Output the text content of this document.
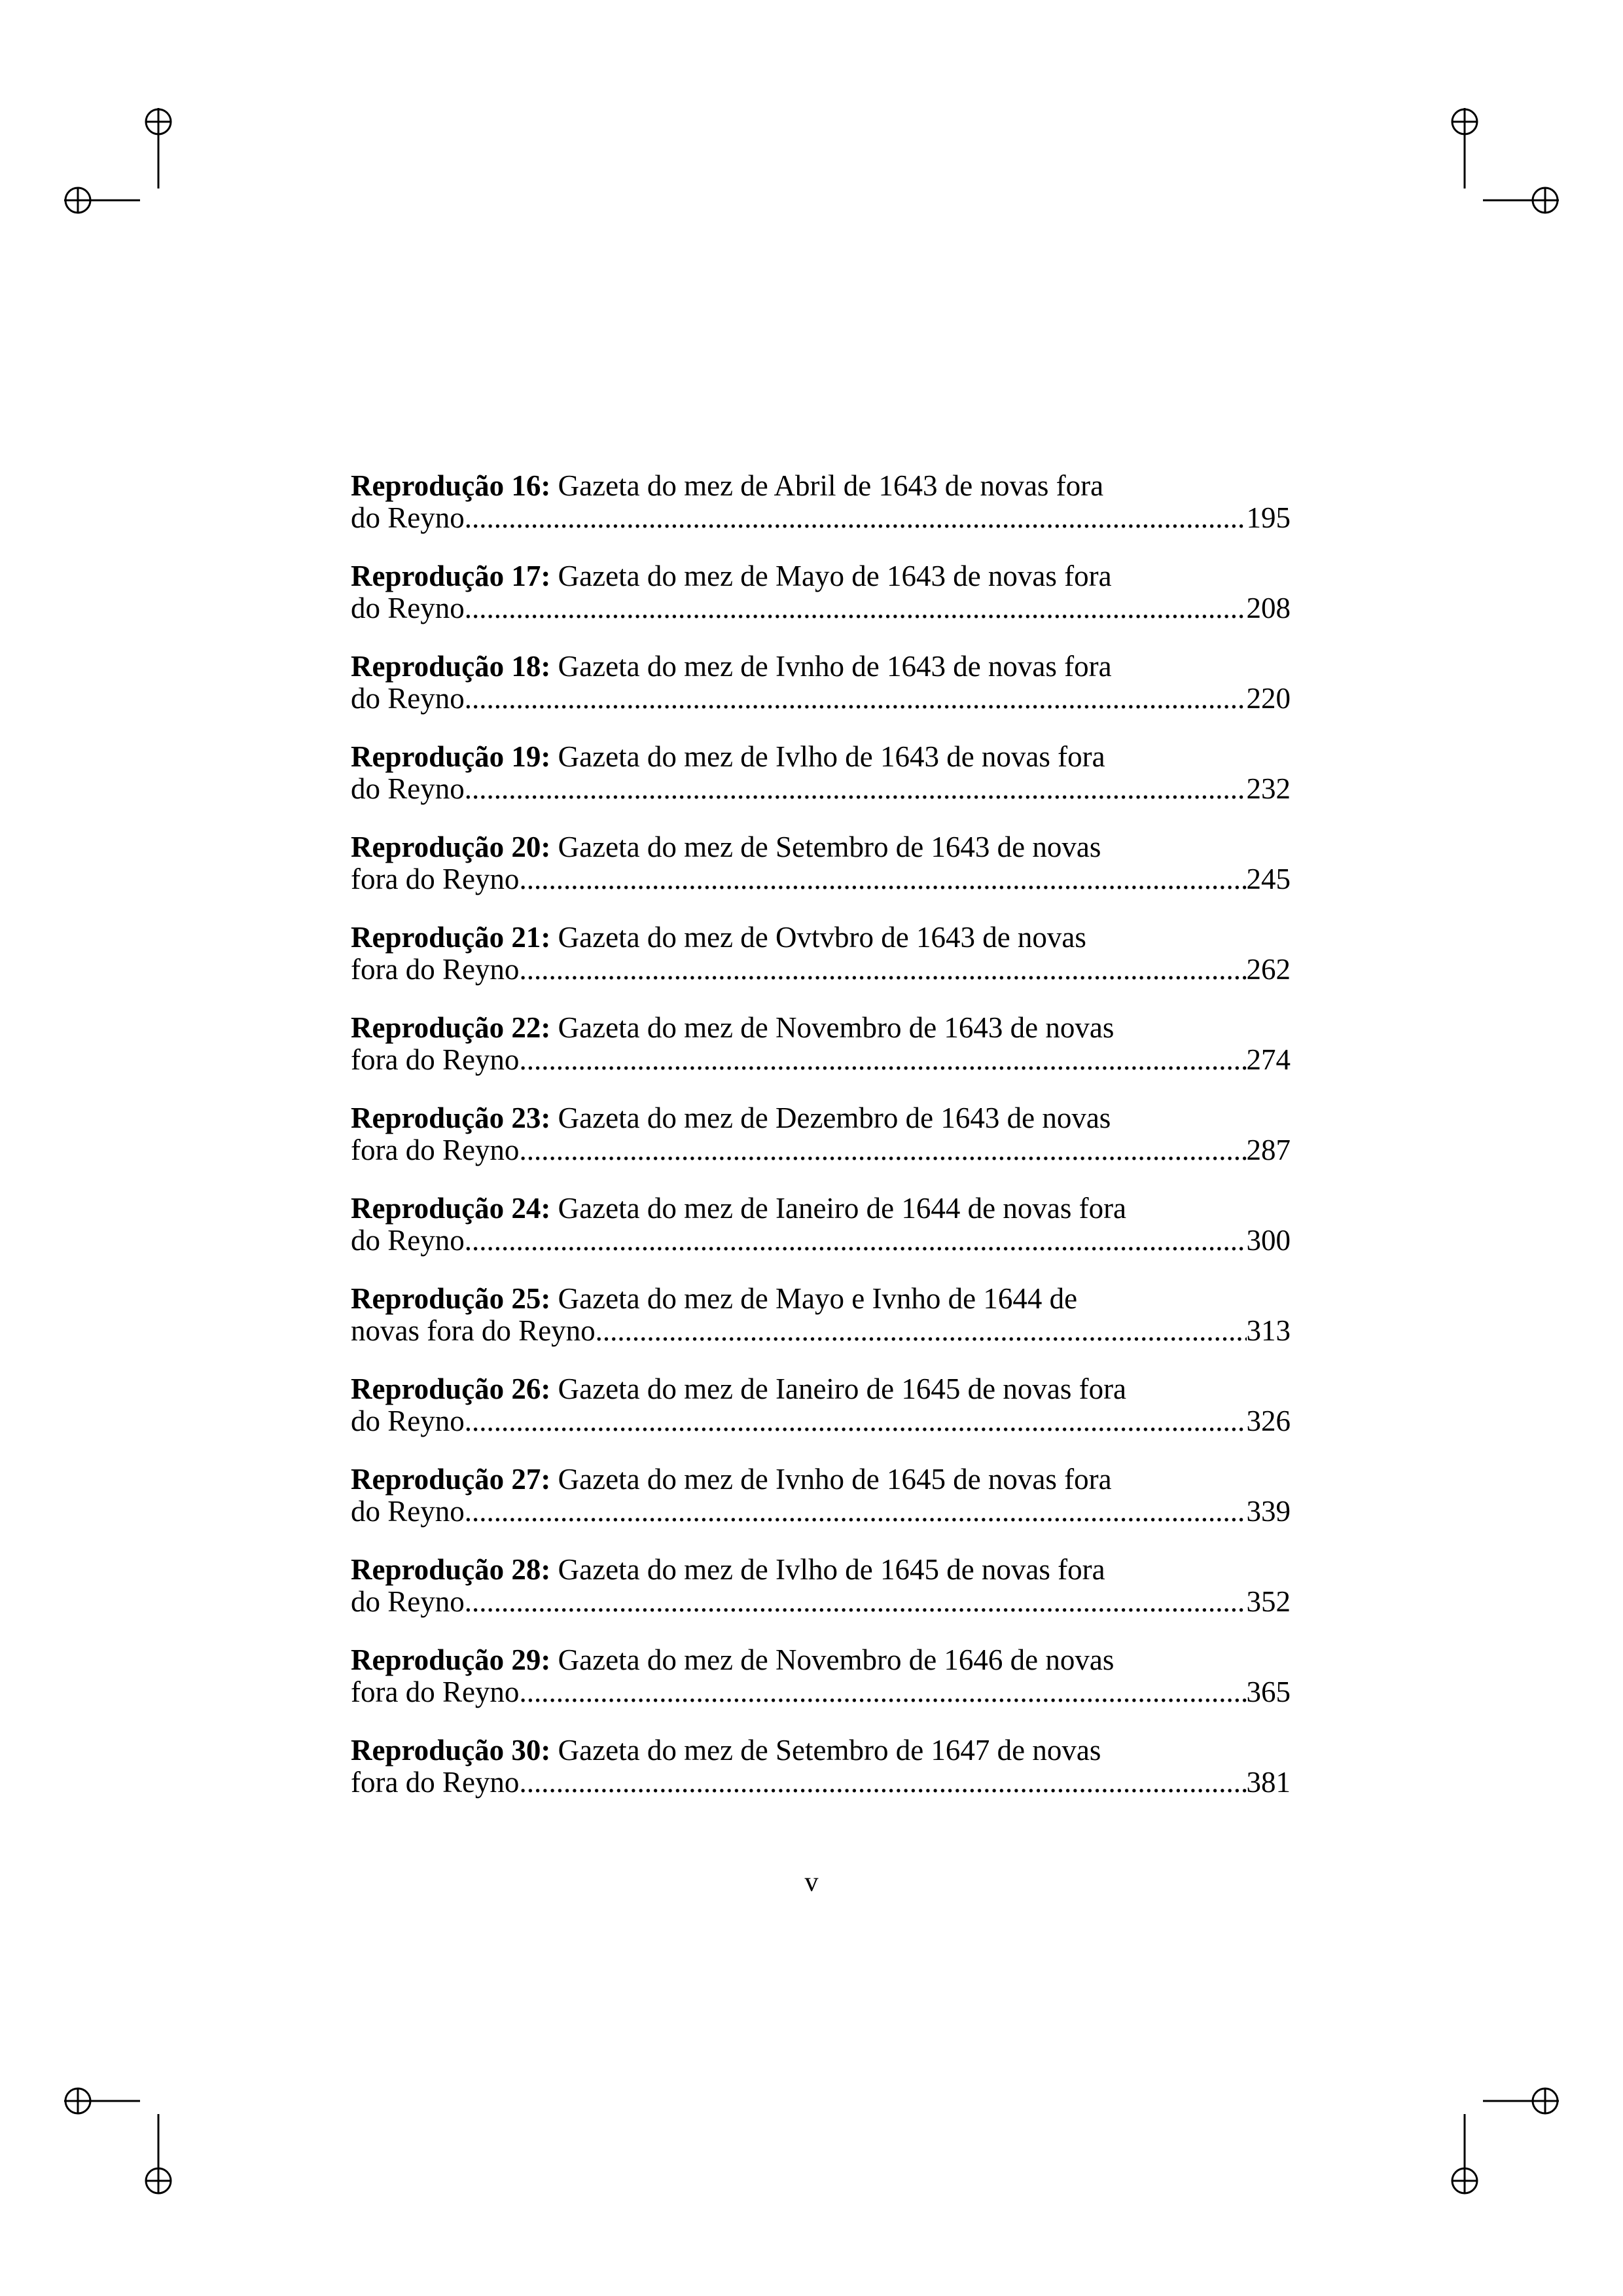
Reprodução 16: Gazeta do mez de Abril de 1643 de novas fora
do Reyno .....	195
Reprodução 17: Gazeta do mez de Mayo de 1643 de novas fora
do Reyno .....	208
Reprodução 18: Gazeta do mez de Ivnho de 1643 de novas fora
do Reyno .....	220
Reprodução 19: Gazeta do mez de Ivlho de 1643 de novas fora
do Reyno .....	232
Reprodução 20: Gazeta do mez de Setembro de 1643 de novas
fora do Reyno .....	245
Reprodução 21: Gazeta do mez de Ovtvbro de 1643 de novas
fora do Reyno .....	262
Reprodução 22: Gazeta do mez de Novembro de 1643 de novas
fora do Reyno .....	274
Reprodução 23: Gazeta do mez de Dezembro de 1643 de novas
fora do Reyno .....	287
Reprodução 24: Gazeta do mez de Ianeiro de 1644 de novas fora
do Reyno .....	300
Reprodução 25: Gazeta do mez de Mayo e Ivnho de 1644 de
novas fora do Reyno .....	313
Reprodução 26: Gazeta do mez de Ianeiro de 1645 de novas fora
do Reyno .....	326
Reprodução 27: Gazeta do mez de Ivnho de 1645 de novas fora
do Reyno .....	339
Reprodução 28: Gazeta do mez de Ivlho de 1645 de novas fora
do Reyno .....	352
Reprodução 29: Gazeta do mez de Novembro de 1646 de novas
fora do Reyno .....	365
Reprodução 30: Gazeta do mez de Setembro de 1647 de novas
fora do Reyno .....	381
v
